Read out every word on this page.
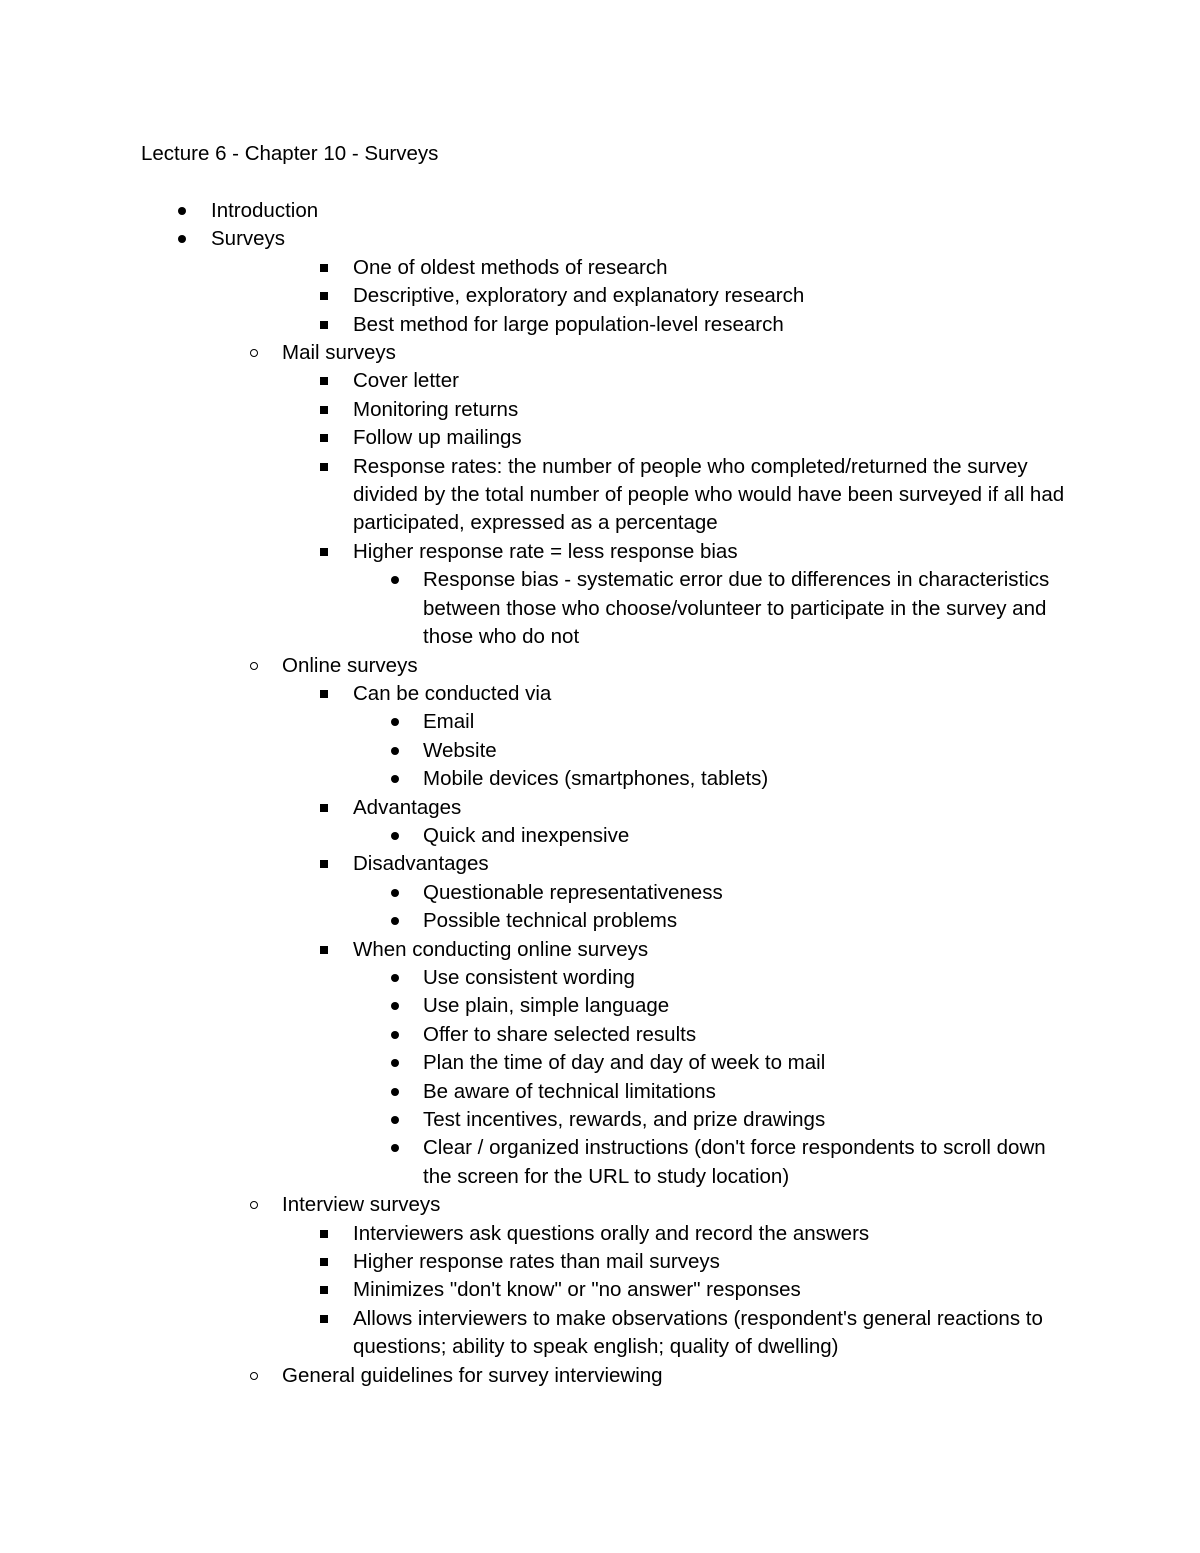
Lecture 6 - Chapter 10 - Surveys
Introduction
Surveys
One of oldest methods of research
Descriptive, exploratory and explanatory research
Best method for large population-level research
Mail surveys
Cover letter
Monitoring returns
Follow up mailings
Response rates: the number of people who completed/returned the survey divided by the total number of people who would have been surveyed if all had participated, expressed as a percentage
Higher response rate = less response bias
Response bias - systematic error due to differences in characteristics between those who choose/volunteer to participate in the survey and those who do not
Online surveys
Can be conducted via
Email
Website
Mobile devices (smartphones, tablets)
Advantages
Quick and inexpensive
Disadvantages
Questionable representativeness
Possible technical problems
When conducting online surveys
Use consistent wording
Use plain, simple language
Offer to share selected results
Plan the time of day and day of week to mail
Be aware of technical limitations
Test incentives, rewards, and prize drawings
Clear / organized instructions (don't force respondents to scroll down the screen for the URL to study location)
Interview surveys
Interviewers ask questions orally and record the answers
Higher response rates than mail surveys
Minimizes "don't know" or "no answer" responses
Allows interviewers to make observations (respondent's general reactions to questions; ability to speak english; quality of dwelling)
General guidelines for survey interviewing
